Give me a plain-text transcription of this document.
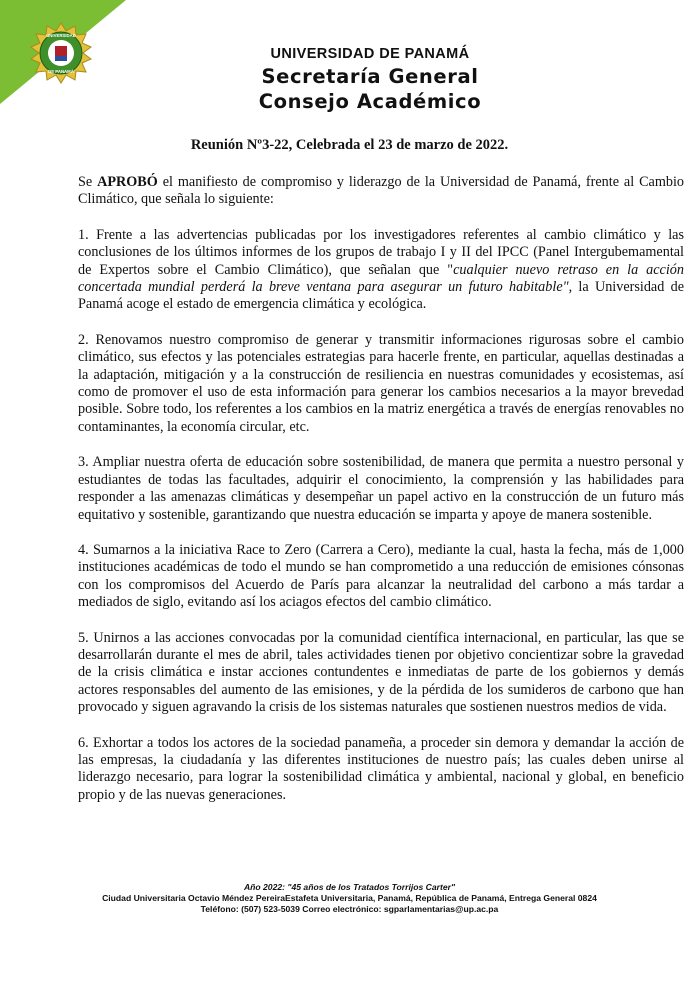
UNIVERSIDAD
DE PANAMÁ
UNIVERSIDAD DE PANAMÁ
Secretaría General
Consejo Académico
Reunión Nº3-22, Celebrada el 23 de marzo de 2022.

Se APROBÓ el manifiesto de compromiso y liderazgo de la Universidad de Panamá, frente al Cambio Climático, que señala lo siguiente:

1. Frente a las advertencias publicadas por los investigadores referentes al cambio climático y las conclusiones de los últimos informes de los grupos de trabajo I y II del IPCC (Panel Intergubemamental de Expertos sobre el Cambio Climático), que señalan que "cualquier nuevo retraso en la acción concertada mundial perderá la breve ventana para asegurar un futuro habitable", la Universidad de Panamá acoge el estado de emergencia climática y ecológica.

2. Renovamos nuestro compromiso de generar y transmitir informaciones rigurosas sobre el cambio climático, sus efectos y las potenciales estrategias para hacerle frente, en particular, aquellas destinadas a la adaptación, mitigación y a la construcción de resiliencia en nuestras comunidades y ecosistemas, así como de promover el uso de esta información para generar los cambios necesarios a la mayor brevedad posible. Sobre todo, los referentes a los cambios en la matriz energética a través de energías renovables no contaminantes, la economía circular, etc.

3. Ampliar nuestra oferta de educación sobre sostenibilidad, de manera que permita a nuestro personal y estudiantes de todas las facultades, adquirir el conocimiento, la comprensión y las habilidades para responder a las amenazas climáticas y desempeñar un papel activo en la construcción de un futuro más equitativo y sostenible, garantizando que nuestra educación se imparta y apoye de manera sostenible.

4. Sumarnos a la iniciativa Race to Zero (Carrera a Cero), mediante la cual, hasta la fecha, más de 1,000 instituciones académicas de todo el mundo se han comprometido a una reducción de emisiones cónsonas con los compromisos del Acuerdo de París para alcanzar la neutralidad del carbono a más tardar a mediados de siglo, evitando así los aciagos efectos del cambio climático.

5. Unirnos a las acciones convocadas por la comunidad científica internacional, en particular, las que se desarrollarán durante el mes de abril, tales actividades tienen por objetivo concientizar sobre la gravedad de la crisis climática e instar acciones contundentes e inmediatas de parte de los gobiernos y demás actores responsables del aumento de las emisiones, y de la pérdida de los sumideros de carbono que han provocado y siguen agravando la crisis de los sistemas naturales que sostienen nuestros medios de vida.

6. Exhortar a todos los actores de la sociedad panameña, a proceder sin demora y demandar la acción de las empresas, la ciudadanía y las diferentes instituciones de nuestro país; las cuales deben unirse al liderazgo necesario, para lograr la sostenibilidad climática y ambiental, nacional y global, en beneficio propio y de las nuevas generaciones.

Año 2022: "45 años de los Tratados Torrijos Carter"
Ciudad Universitaria Octavio Méndez PereiraEstafeta Universitaria, Panamá, República de Panamá, Entrega General 0824
Teléfono: (507) 523-5039 Correo electrónico: sgparlamentarias@up.ac.pa
